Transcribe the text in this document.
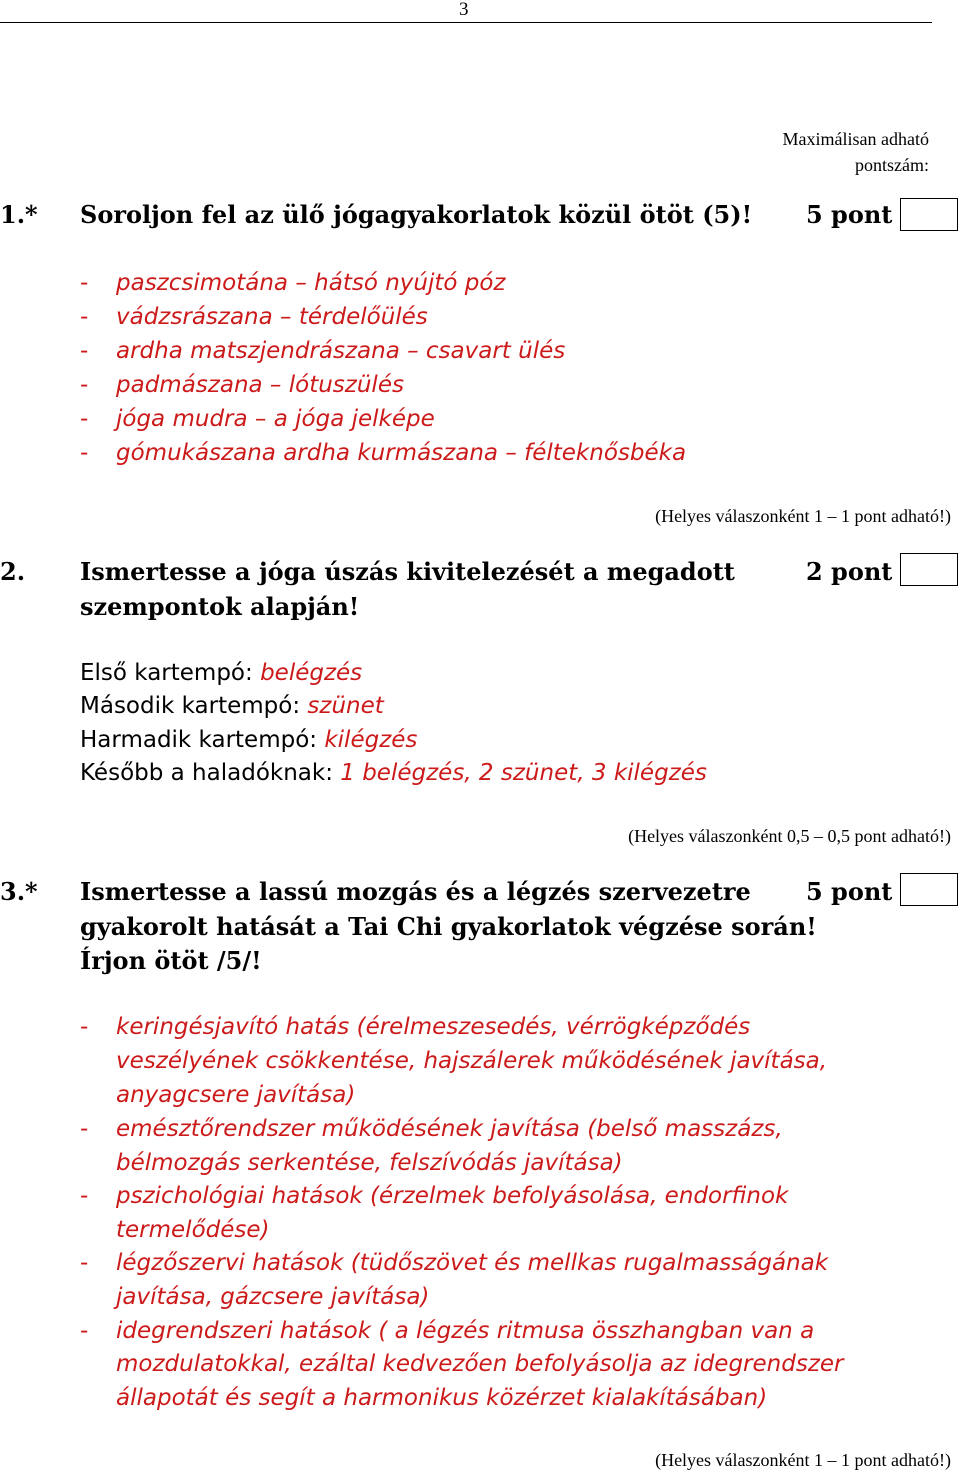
3
Maximálisan adható
pontszám:
1.* Soroljon fel az ülő jógagyakorlatok közül ötöt (5)! 5 pont
- paszcsimotána – hátsó nyújtó póz
- vádzsrászana – térdelőülés
- ardha matszjendrászana – csavart ülés
- padmászana – lótuszülés
- jóga mudra – a jóga jelképe
- gómukászana ardha kurmászana – félteknősbéka
(Helyes válaszonként 1 – 1 pont adható!)
2. Ismertesse a jóga úszás kivitelezését a megadott
szempontok alapján!
2 pont
Első kartempó: belégzés
Második kartempó: szünet
Harmadik kartempó: kilégzés
Később a haladóknak: 1 belégzés, 2 szünet, 3 kilégzés
(Helyes válaszonként 0,5 – 0,5 pont adható!)
3.* Ismertesse a lassú mozgás és a légzés szervezetre
gyakorolt hatását a Tai Chi gyakorlatok végzése során!
Írjon ötöt /5/!
5 pont
- keringésjavító hatás (érelmeszesedés, vérrögképződés
veszélyének csökkentése, hajszálerek működésének javítása,
anyagcsere javítása)
- emésztőrendszer működésének javítása (belső masszázs,
bélmozgás serkentése, felszívódás javítása)
- pszichológiai hatások (érzelmek befolyásolása, endorfinok
termelődése)
- légzőszervi hatások (tüdőszövet és mellkas rugalmasságának
javítása, gázcsere javítása)
- idegrendszeri hatások ( a légzés ritmusa összhangban van a
mozdulatokkal, ezáltal kedvezően befolyásolja az idegrendszer
állapotát és segít a harmonikus közérzet kialakításában)
(Helyes válaszonként 1 – 1 pont adható!)
